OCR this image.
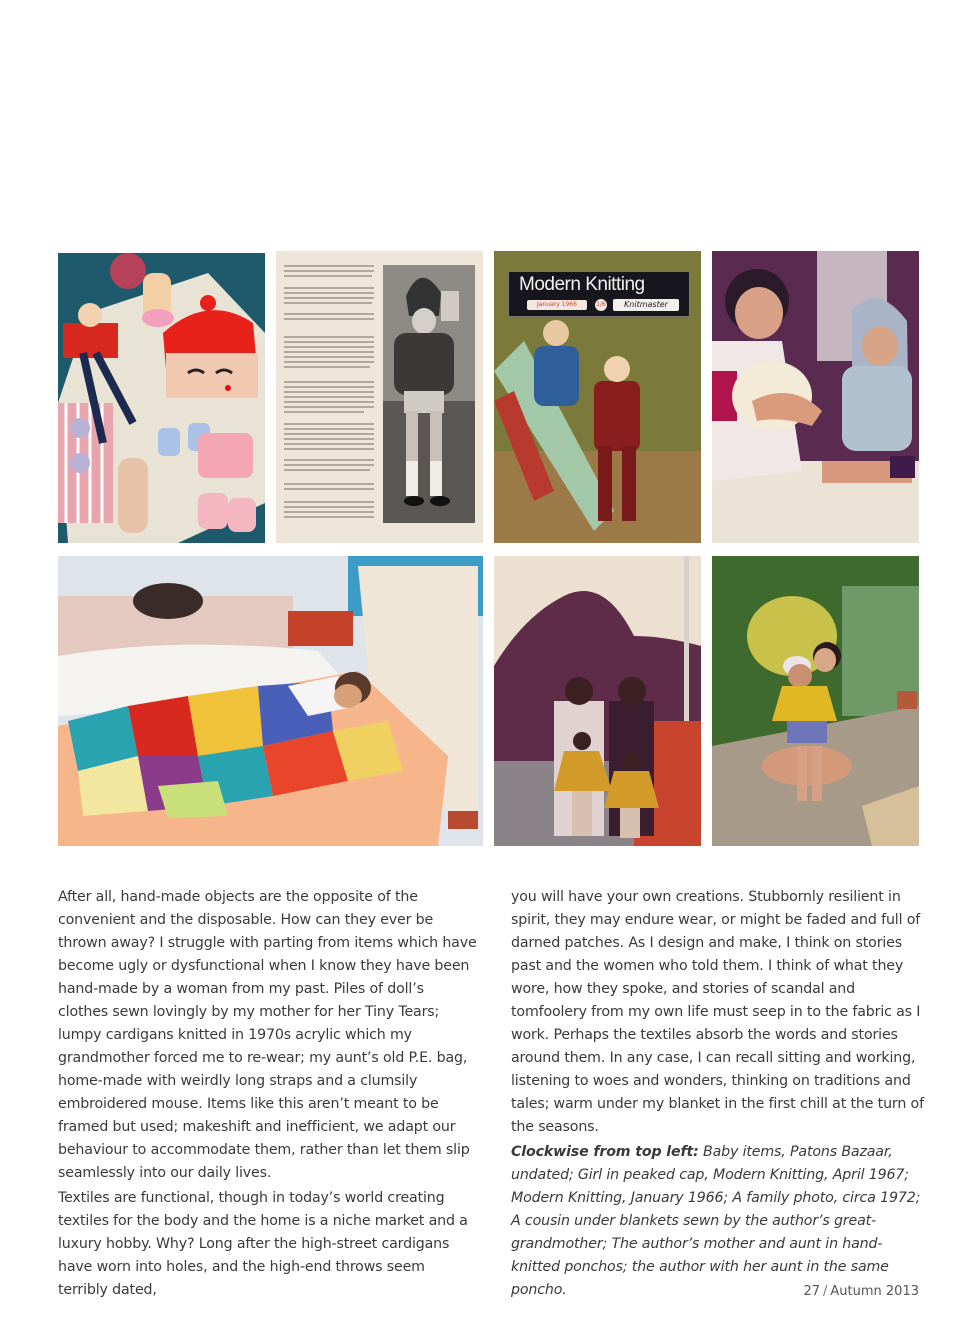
Modern Knitting
January 1966	1/6	Knitmaster

After all, hand-made objects are the opposite of the convenient and the disposable. How can they ever be thrown away? I struggle with parting from items which have become ugly or dysfunctional when I know they have been hand-made by a woman from my past. Piles of doll’s clothes sewn lovingly by my mother for her Tiny Tears; lumpy cardigans knitted in 1970s acrylic which my grandmother forced me to re-wear; my aunt’s old P.E. bag, home-made with weirdly long straps and a clumsily embroidered mouse. Items like this aren’t meant to be framed but used; makeshift and inefficient, we adapt our behaviour to accommodate them, rather than let them slip seamlessly into our daily lives.

Textiles are functional, though in today’s world creating textiles for the body and the home is a niche market and a luxury hobby. Why? Long after the high-street cardigans have worn into holes, and the high-end throws seem terribly dated,

you will have your own creations. Stubbornly resilient in spirit, they may endure wear, or might be faded and full of darned patches. As I design and make, I think on stories past and the women who told them. I think of what they wore, how they spoke, and stories of scandal and tomfoolery from my own life must seep in to the fabric as I work. Perhaps the textiles absorb the words and stories around them. In any case, I can recall sitting and working, listening to woes and wonders, thinking on traditions and tales; warm under my blanket in the first chill at the turn of the seasons.

Clockwise from top left: Baby items, Patons Bazaar, undated; Girl in peaked cap, Modern Knitting, April 1967; Modern Knitting, January 1966; A family photo, circa 1972; A cousin under blankets sewn by the author’s great-grandmother; The author’s mother and aunt in hand-knitted ponchos; the author with her aunt in the same poncho.	27 / Autumn 2013
